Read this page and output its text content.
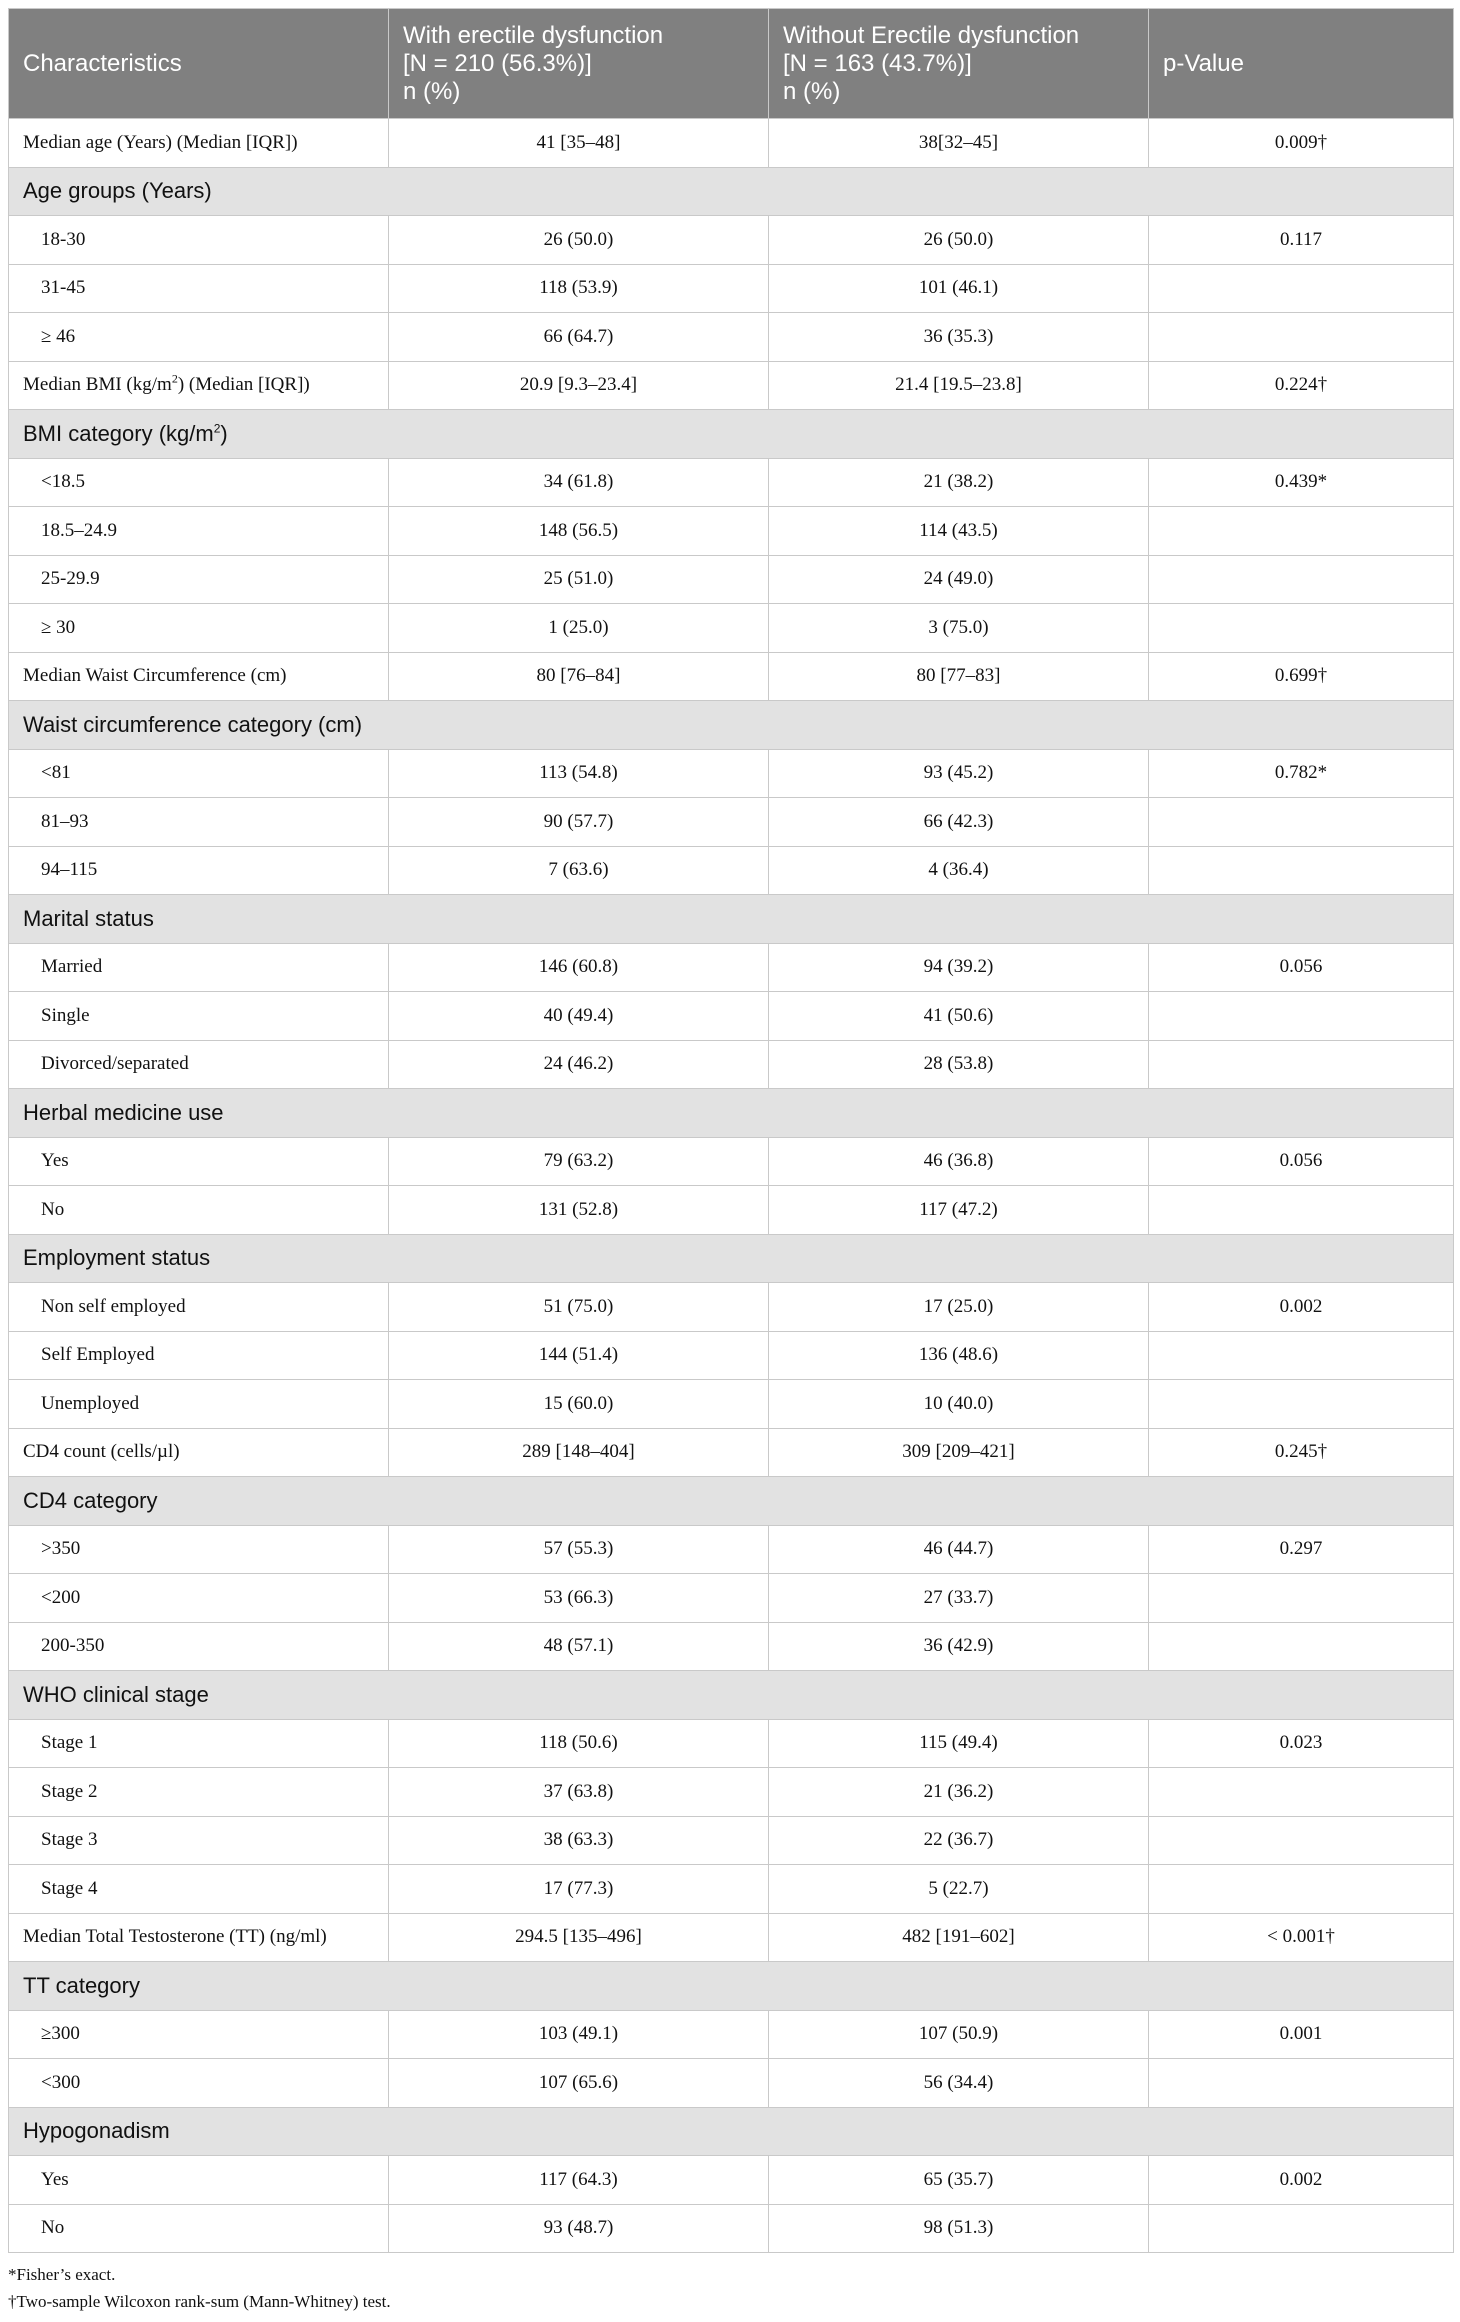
Characteristics	With erectile dysfunction
[N = 210 (56.3%)]
n (%)	Without Erectile dysfunction
[N = 163 (43.7%)]
n (%)	p-Value

Median age (Years) (Median [IQR])	41 [35–48]	38[32–45]	0.009†
Age groups (Years)			
18-30	26 (50.0)	26 (50.0)	0.117
31-45	118 (53.9)	101 (46.1)	
≥ 46	66 (64.7)	36 (35.3)	
Median BMI $(kg/m^2)$ (Median [IQR])	20.9 [9.3–23.4]	21.4 [19.5–23.8]	0.224†
BMI category $(kg/m^2)$			
<18.5	34 (61.8)	21 (38.2)	0.439*
18.5–24.9	148 (56.5)	114 (43.5)	
25-29.9	25 (51.0)	24 (49.0)	
≥ 30	1 (25.0)	3 (75.0)	
Median Waist Circumference (cm)	80 [76–84]	80 [77–83]	0.699†
Waist circumference category (cm)			
<81	113 (54.8)	93 (45.2)	0.782*
81–93	90 (57.7)	66 (42.3)	
94–115	7 (63.6)	4 (36.4)	
Marital status			
Married	146 (60.8)	94 (39.2)	0.056
Single	40 (49.4)	41 (50.6)	
Divorced/separated	24 (46.2)	28 (53.8)	
Herbal medicine use			
Yes	79 (63.2)	46 (36.8)	0.056
No	131 (52.8)	117 (47.2)	
Employment status			
Non self employed	51 (75.0)	17 (25.0)	0.002
Self Employed	144 (51.4)	136 (48.6)	
Unemployed	15 (60.0)	10 (40.0)	
CD4 count (cells/µl)	289 [148–404]	309 [209–421]	0.245†
CD4 category			
>350	57 (55.3)	46 (44.7)	0.297
<200	53 (66.3)	27 (33.7)	
200-350	48 (57.1)	36 (42.9)	
WHO clinical stage			
Stage 1	118 (50.6)	115 (49.4)	0.023
Stage 2	37 (63.8)	21 (36.2)	
Stage 3	38 (63.3)	22 (36.7)	
Stage 4	17 (77.3)	5 (22.7)	
Median Total Testosterone (TT) (ng/ml)	294.5 [135–496]	482 [191–602]	< 0.001†
TT category			
≥300	103 (49.1)	107 (50.9)	0.001
<300	107 (65.6)	56 (34.4)	
Hypogonadism			
Yes	117 (64.3)	65 (35.7)	0.002
No	93 (48.7)	98 (51.3)	
*Fisher’s exact.
†Two-sample Wilcoxon rank-sum (Mann-Whitney) test.
